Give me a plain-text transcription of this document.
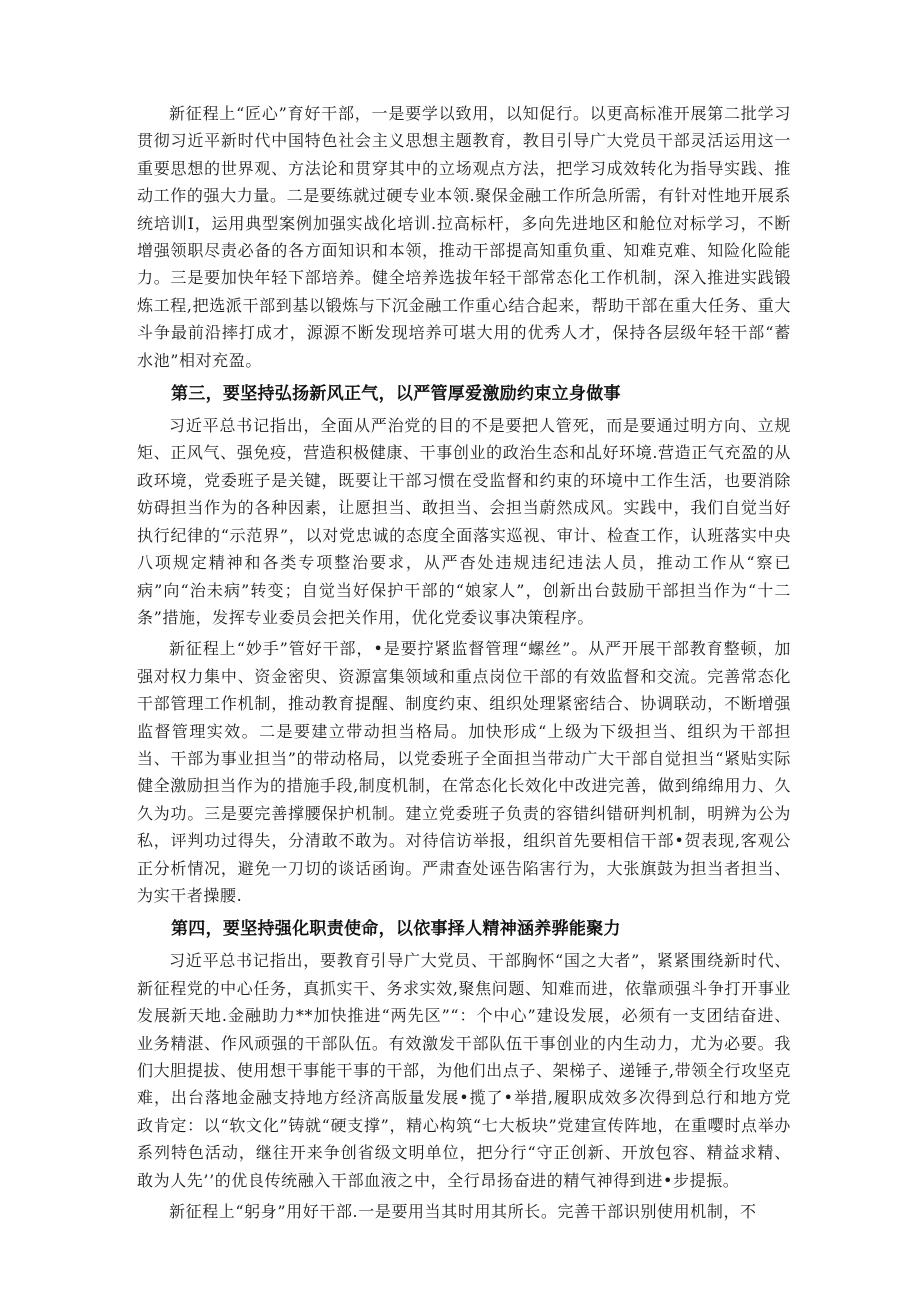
新征程上“匠心”育好干部，一是要学以致用，以知促行。以更高标准开展第二批学习贯彻习近平新时代中国特色社会主义思想主题教育，教目引导广大党员干部灵活运用这一重要思想的世界观、方法论和贯穿其中的立场观点方法，把学习成效转化为指导实践、推动工作的强大力量。二是要练就过硬专业本领.聚保金融工作所急所需，有针对性地开展系统培训I，运用典型案例加强实战化培训.拉高标杆，多向先进地区和舱位对标学习，不断增强领职尽责必备的各方面知识和本领，推动干部提高知重负重、知难克难、知险化险能力。三是要加快年轻下部培养。健全培养选拔年轻干部常态化工作机制，深入推进实践锻炼工程,把选派干部到基以锻炼与下沉金融工作重心结合起来，帮助干部在重大任务、重大斗争最前沿摔打成才，源源不断发现培养可堪大用的优秀人才，保持各层级年轻干部“蓄水池”相对充盈。

第三，要坚持弘扬新风正气，以严管厚爱激励约束立身做事

习近平总书记指出，全面从严治党的目的不是要把人管死，而是要通过明方向、立规矩、正风气、强免疫，营造积极健康、干事创业的政治生态和乩好环境.营造正气充盈的从政环境，党委班子是关键，既要让干部习惯在受监督和约束的环境中工作生活，也要消除妨碍担当作为的各种因素，让愿担当、敢担当、会担当蔚然成风。实践中，我们自觉当好执行纪律的“示范界”，以对党忠诚的态度全面落实巡视、审计、检查工作，认班落实中央八项规定精神和各类专项整治要求，从严杳处违规违纪违法人员，推动工作从“察已病”向“治未病”转变；自觉当好保护干部的“娘家人”，创新出台鼓励干部担当作为“十二条”措施，发挥专业委员会把关作用，优化党委议事决策程序。

新征程上“妙手”管好干部，•是要拧紧监督管理“螺丝”。从严开展干部教育整顿，加强对权力集中、资金密臾、资源富集领域和重点岗位干部的有效监督和交流。完善常态化干部管理工作机制，推动教育提醒、制度约束、组织处理紧密结合、协调联动，不断增强监督管理实效。二是要建立带动担当格局。加快形成“上级为下级担当、组织为干部担当、干部为事业担当”的带动格局，以党委班子全面担当带动广大干部自觉担当“紧贴实际健全激励担当作为的措施手段,制度机制，在常态化长效化中改进完善，做到绵绵用力、久久为功。三是要完善撑腰保护机制。建立党委班子负责的容错纠错研判机制，明辨为公为私，评判功过得失，分清敢不敢为。对待信访举报，组织首先要相信干部•贺表现,客观公正分析情况，避免一刀切的谈话函询。严肃查处诬告陷害行为，大张旗鼓为担当者担当、为实干者操腰.

第四，要坚持强化职责使命，以依事择人精神涵养骅能聚力

习近平总书记指出，要教育引导广大党员、干部胸怀“国之大者”，紧紧围绕新时代、新征程党的中心任务，真抓实干、务求实效,聚焦问题、知难而进，依靠顽强斗争打开事业发展新天地.金融助力**加快推进“两先区”“：个中心”建设发展，必须有一支团结奋进、业务精湛、作风顽强的干部队伍。有效激发干部队伍干事创业的内生动力，尤为必要。我们大胆提拔、使用想干事能干事的干部，为他们出点子、架梯子、递锤子,带领全行攻坚克难，出台落地金融支持地方经济高版量发展•揽了•举措,履职成效多次得到总行和地方党政肯定：以“软文化”铸就“硬支撑”，精心构筑“七大板块”党建宣传阵地，在重嘤时点举办系列特色活动，继往开来争创省级文明单位，把分行“守正创新、开放包容、精益求精、敢为人先’’的优良传统融入干部血液之中，全行昂扬奋进的精气神得到进•步提振。

新征程上“躬身”用好干部.一是要用当其时用其所长。完善干部识别使用机制，不
